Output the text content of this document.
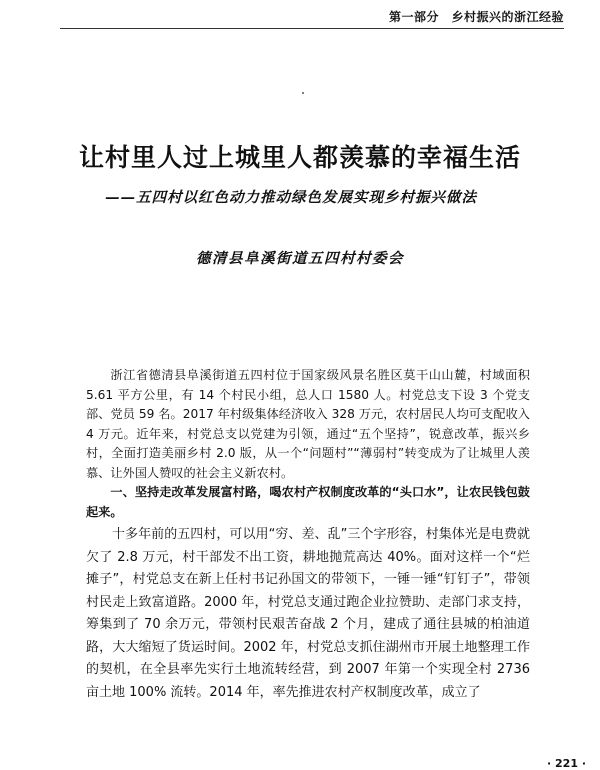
第一部分　乡村振兴的浙江经验
让村里人过上城里人都羡慕的幸福生活
——五四村以红色动力推动绿色发展实现乡村振兴做法
德清县阜溪街道五四村村委会

浙江省德清县阜溪街道五四村位于国家级风景名胜区莫干山山麓，村域面积 5.61 平方公里，有 14 个村民小组，总人口 1580 人。村党总支下设 3 个党支部、党员 59 名。2017 年村级集体经济收入 328 万元，农村居民人均可支配收入 4 万元。近年来，村党总支以党建为引领，通过“五个坚持”，锐意改革，振兴乡村，全面打造美丽乡村 2.0 版，从一个“问题村”“薄弱村”转变成为了让城里人羡慕、让外国人赞叹的社会主义新农村。

一、坚持走改革发展富村路，喝农村产权制度改革的“头口水”，让农民钱包鼓起来。

十多年前的五四村，可以用“穷、差、乱”三个字形容，村集体光是电费就欠了 2.8 万元，村干部发不出工资，耕地抛荒高达 40%。面对这样一个“烂摊子”，村党总支在新上任村书记孙国文的带领下，一锤一锤“钉钉子”，带领村民走上致富道路。2000 年，村党总支通过跑企业拉赞助、走部门求支持，筹集到了 70 余万元，带领村民艰苦奋战 2 个月，建成了通往县城的柏油道路，大大缩短了货运时间。2002 年，村党总支抓住湖州市开展土地整理工作的契机，在全县率先实行土地流转经营，到 2007 年第一个实现全村 2736 亩土地 100% 流转。2014 年，率先推进农村产权制度改革，成立了

· 221 ·
